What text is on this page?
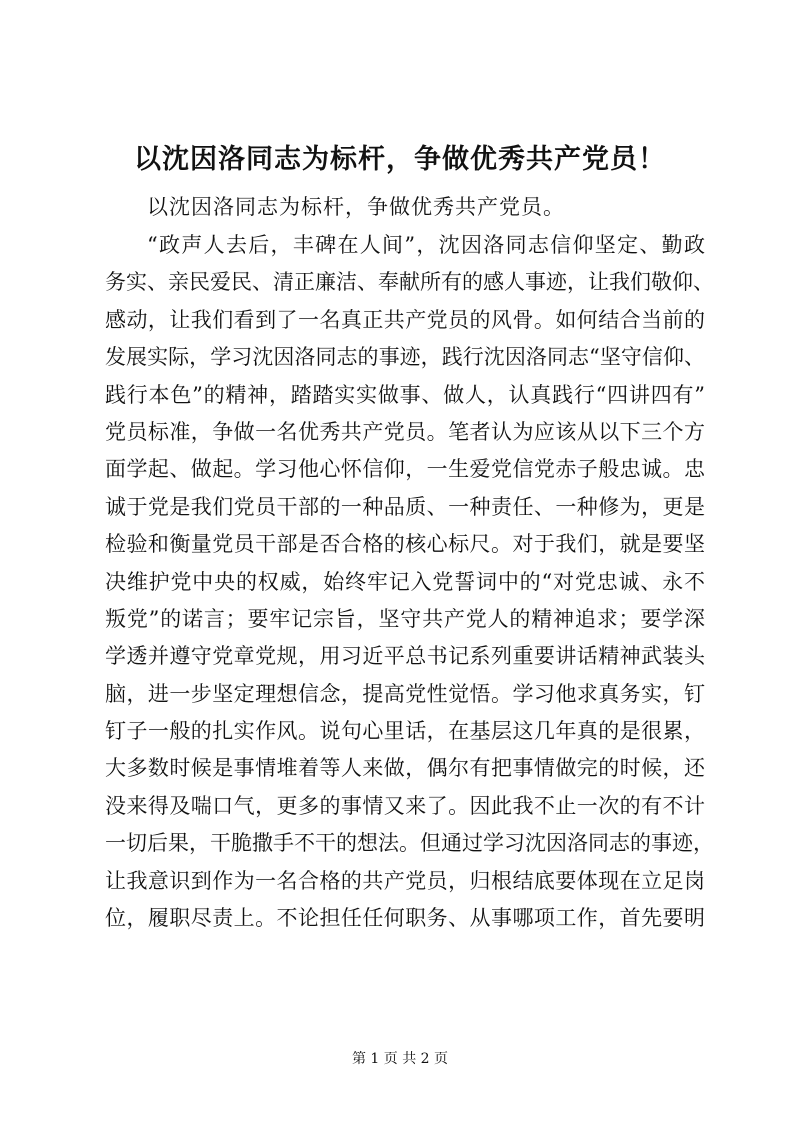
以沈因洛同志为标杆，争做优秀共产党员！
以沈因洛同志为标杆，争做优秀共产党员。
“政声人去后，丰碑在人间”，沈因洛同志信仰坚定、勤政
务实、亲民爱民、清正廉洁、奉献所有的感人事迹，让我们敬仰、
感动，让我们看到了一名真正共产党员的风骨。如何结合当前的
发展实际，学习沈因洛同志的事迹，践行沈因洛同志“坚守信仰、
践行本色”的精神，踏踏实实做事、做人，认真践行“四讲四有”
党员标准，争做一名优秀共产党员。笔者认为应该从以下三个方
面学起、做起。学习他心怀信仰，一生爱党信党赤子般忠诚。忠
诚于党是我们党员干部的一种品质、一种责任、一种修为，更是
检验和衡量党员干部是否合格的核心标尺。对于我们，就是要坚
决维护党中央的权威，始终牢记入党誓词中的“对党忠诚、永不
叛党”的诺言；要牢记宗旨，坚守共产党人的精神追求；要学深
学透并遵守党章党规，用习近平总书记系列重要讲话精神武装头
脑，进一步坚定理想信念，提高党性觉悟。学习他求真务实，钉
钉子一般的扎实作风。说句心里话，在基层这几年真的是很累，
大多数时候是事情堆着等人来做，偶尔有把事情做完的时候，还
没来得及喘口气，更多的事情又来了。因此我不止一次的有不计
一切后果，干脆撒手不干的想法。但通过学习沈因洛同志的事迹，
让我意识到作为一名合格的共产党员，归根结底要体现在立足岗
位，履职尽责上。不论担任任何职务、从事哪项工作，首先要明
第 1 页 共 2 页
